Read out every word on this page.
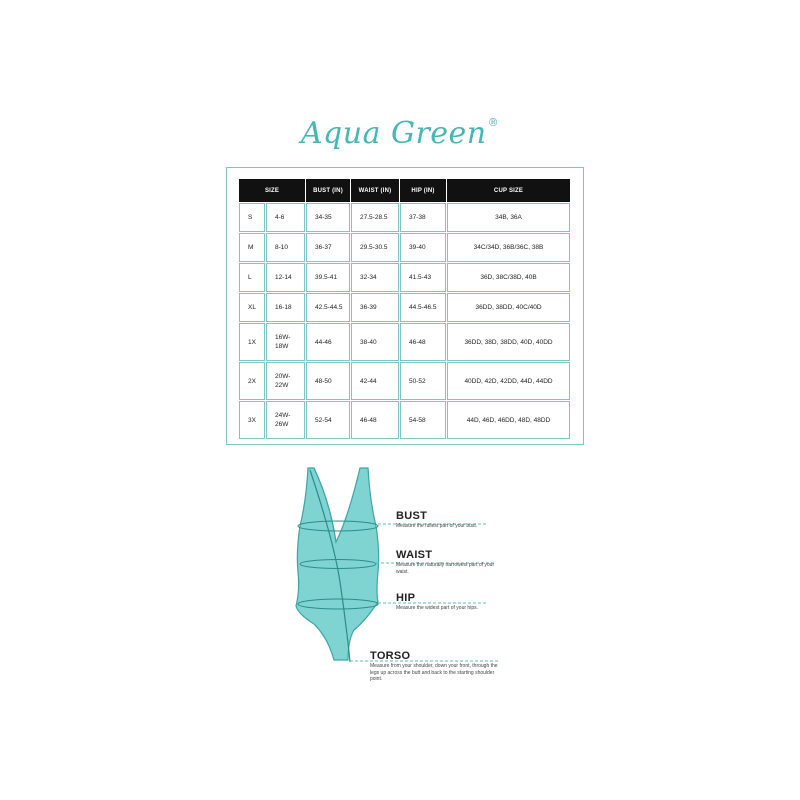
Aqua Green®
SIZE		BUST (IN)	WAIST (IN)	HIP (IN)	CUP SIZE
S	4-6	34-35	27.5-28.5	37-38	34B, 36A
M	8-10	36-37	29.5-30.5	39-40	34C/34D, 36B/36C, 38B
L	12-14	39.5-41	32-34	41.5-43	36D, 38C/38D, 40B
XL	16-18	42.5-44.5	36-39	44.5-46.5	36DD, 38DD, 40C/40D
1X	16W-18W	44-46	38-40	46-48	36DD, 38D, 38DD, 40D, 40DD
2X	20W-22W	48-50	42-44	50-52	40DD, 42D, 42DD, 44D, 44DD
3X	24W-26W	52-54	46-48	54-58	44D, 46D, 46DD, 48D, 48DD
BUST
Measure the fullest part of your bust.
WAIST
Measure the naturally narrowest part of your waist.
HIP
Measure the widest part of your hips.
TORSO
Measure from your shoulder, down your front, through the legs up across the butt and back to the starting shoulder point.
